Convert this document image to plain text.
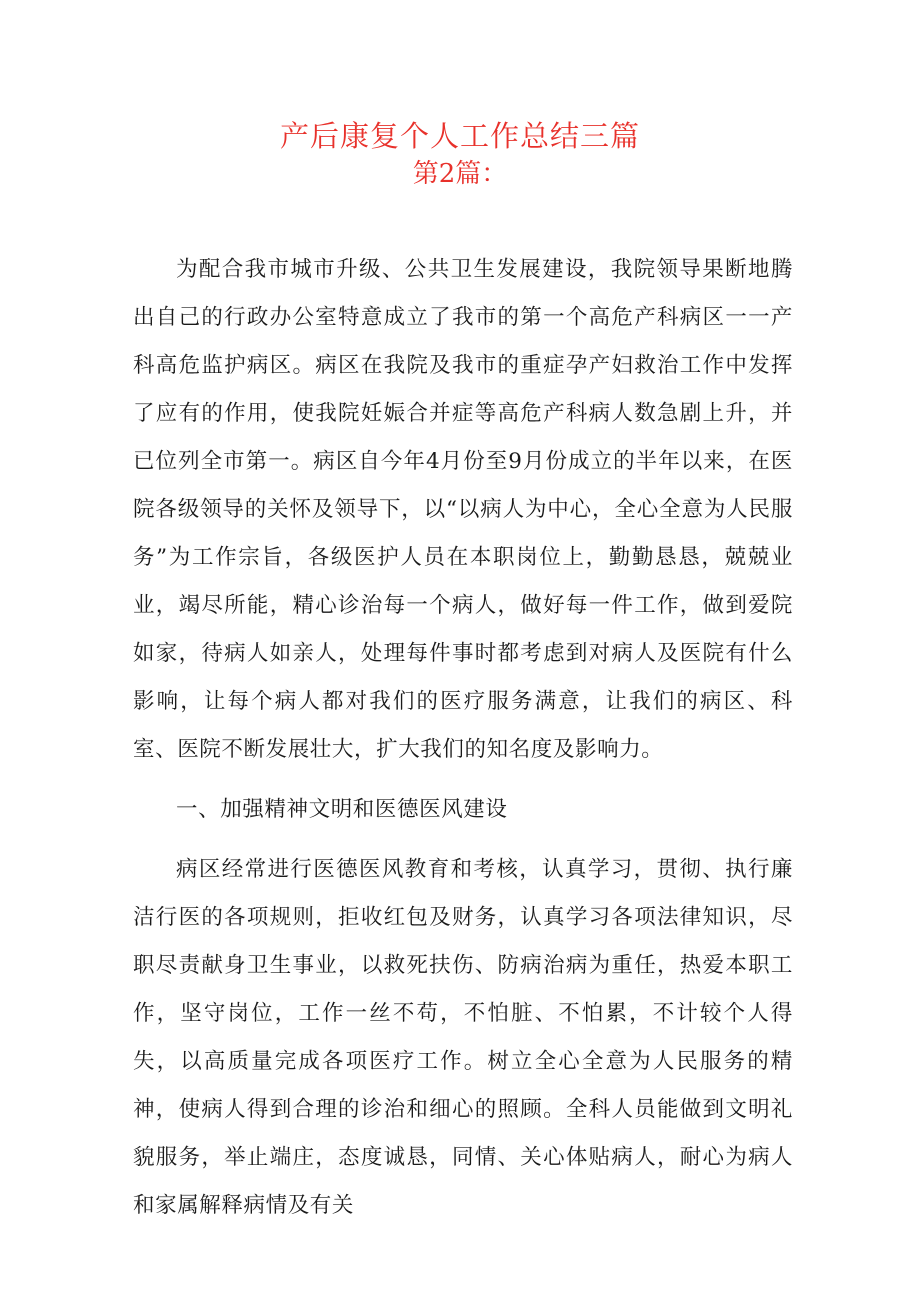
产后康复个人工作总结三篇
第2篇：

为配合我市城市升级、公共卫生发展建设，我院领导果断地腾出自己的行政办公室特意成立了我市的第一个高危产科病区一一产科高危监护病区。病区在我院及我市的重症孕产妇救治工作中发挥了应有的作用，使我院妊娠合并症等高危产科病人数急剧上升，并已位列全市第一。病区自今年4月份至9月份成立的半年以来，在医院各级领导的关怀及领导下，以“以病人为中心，全心全意为人民服务”为工作宗旨，各级医护人员在本职岗位上，勤勤恳恳，兢兢业业，竭尽所能，精心诊治每一个病人，做好每一件工作，做到爱院如家，待病人如亲人，处理每件事时都考虑到对病人及医院有什么影响，让每个病人都对我们的医疗服务满意，让我们的病区、科室、医院不断发展壮大，扩大我们的知名度及影响力。

一、加强精神文明和医德医风建设

病区经常进行医德医风教育和考核，认真学习，贯彻、执行廉洁行医的各项规则，拒收红包及财务，认真学习各项法律知识，尽职尽责献身卫生事业，以救死扶伤、防病治病为重任，热爱本职工作，坚守岗位，工作一丝不苟，不怕脏、不怕累，不计较个人得失，以高质量完成各项医疗工作。树立全心全意为人民服务的精神，使病人得到合理的诊治和细心的照顾。全科人员能做到文明礼貌服务，举止端庄，态度诚恳，同情、关心体贴病人，耐心为病人和家属解释病情及有关
